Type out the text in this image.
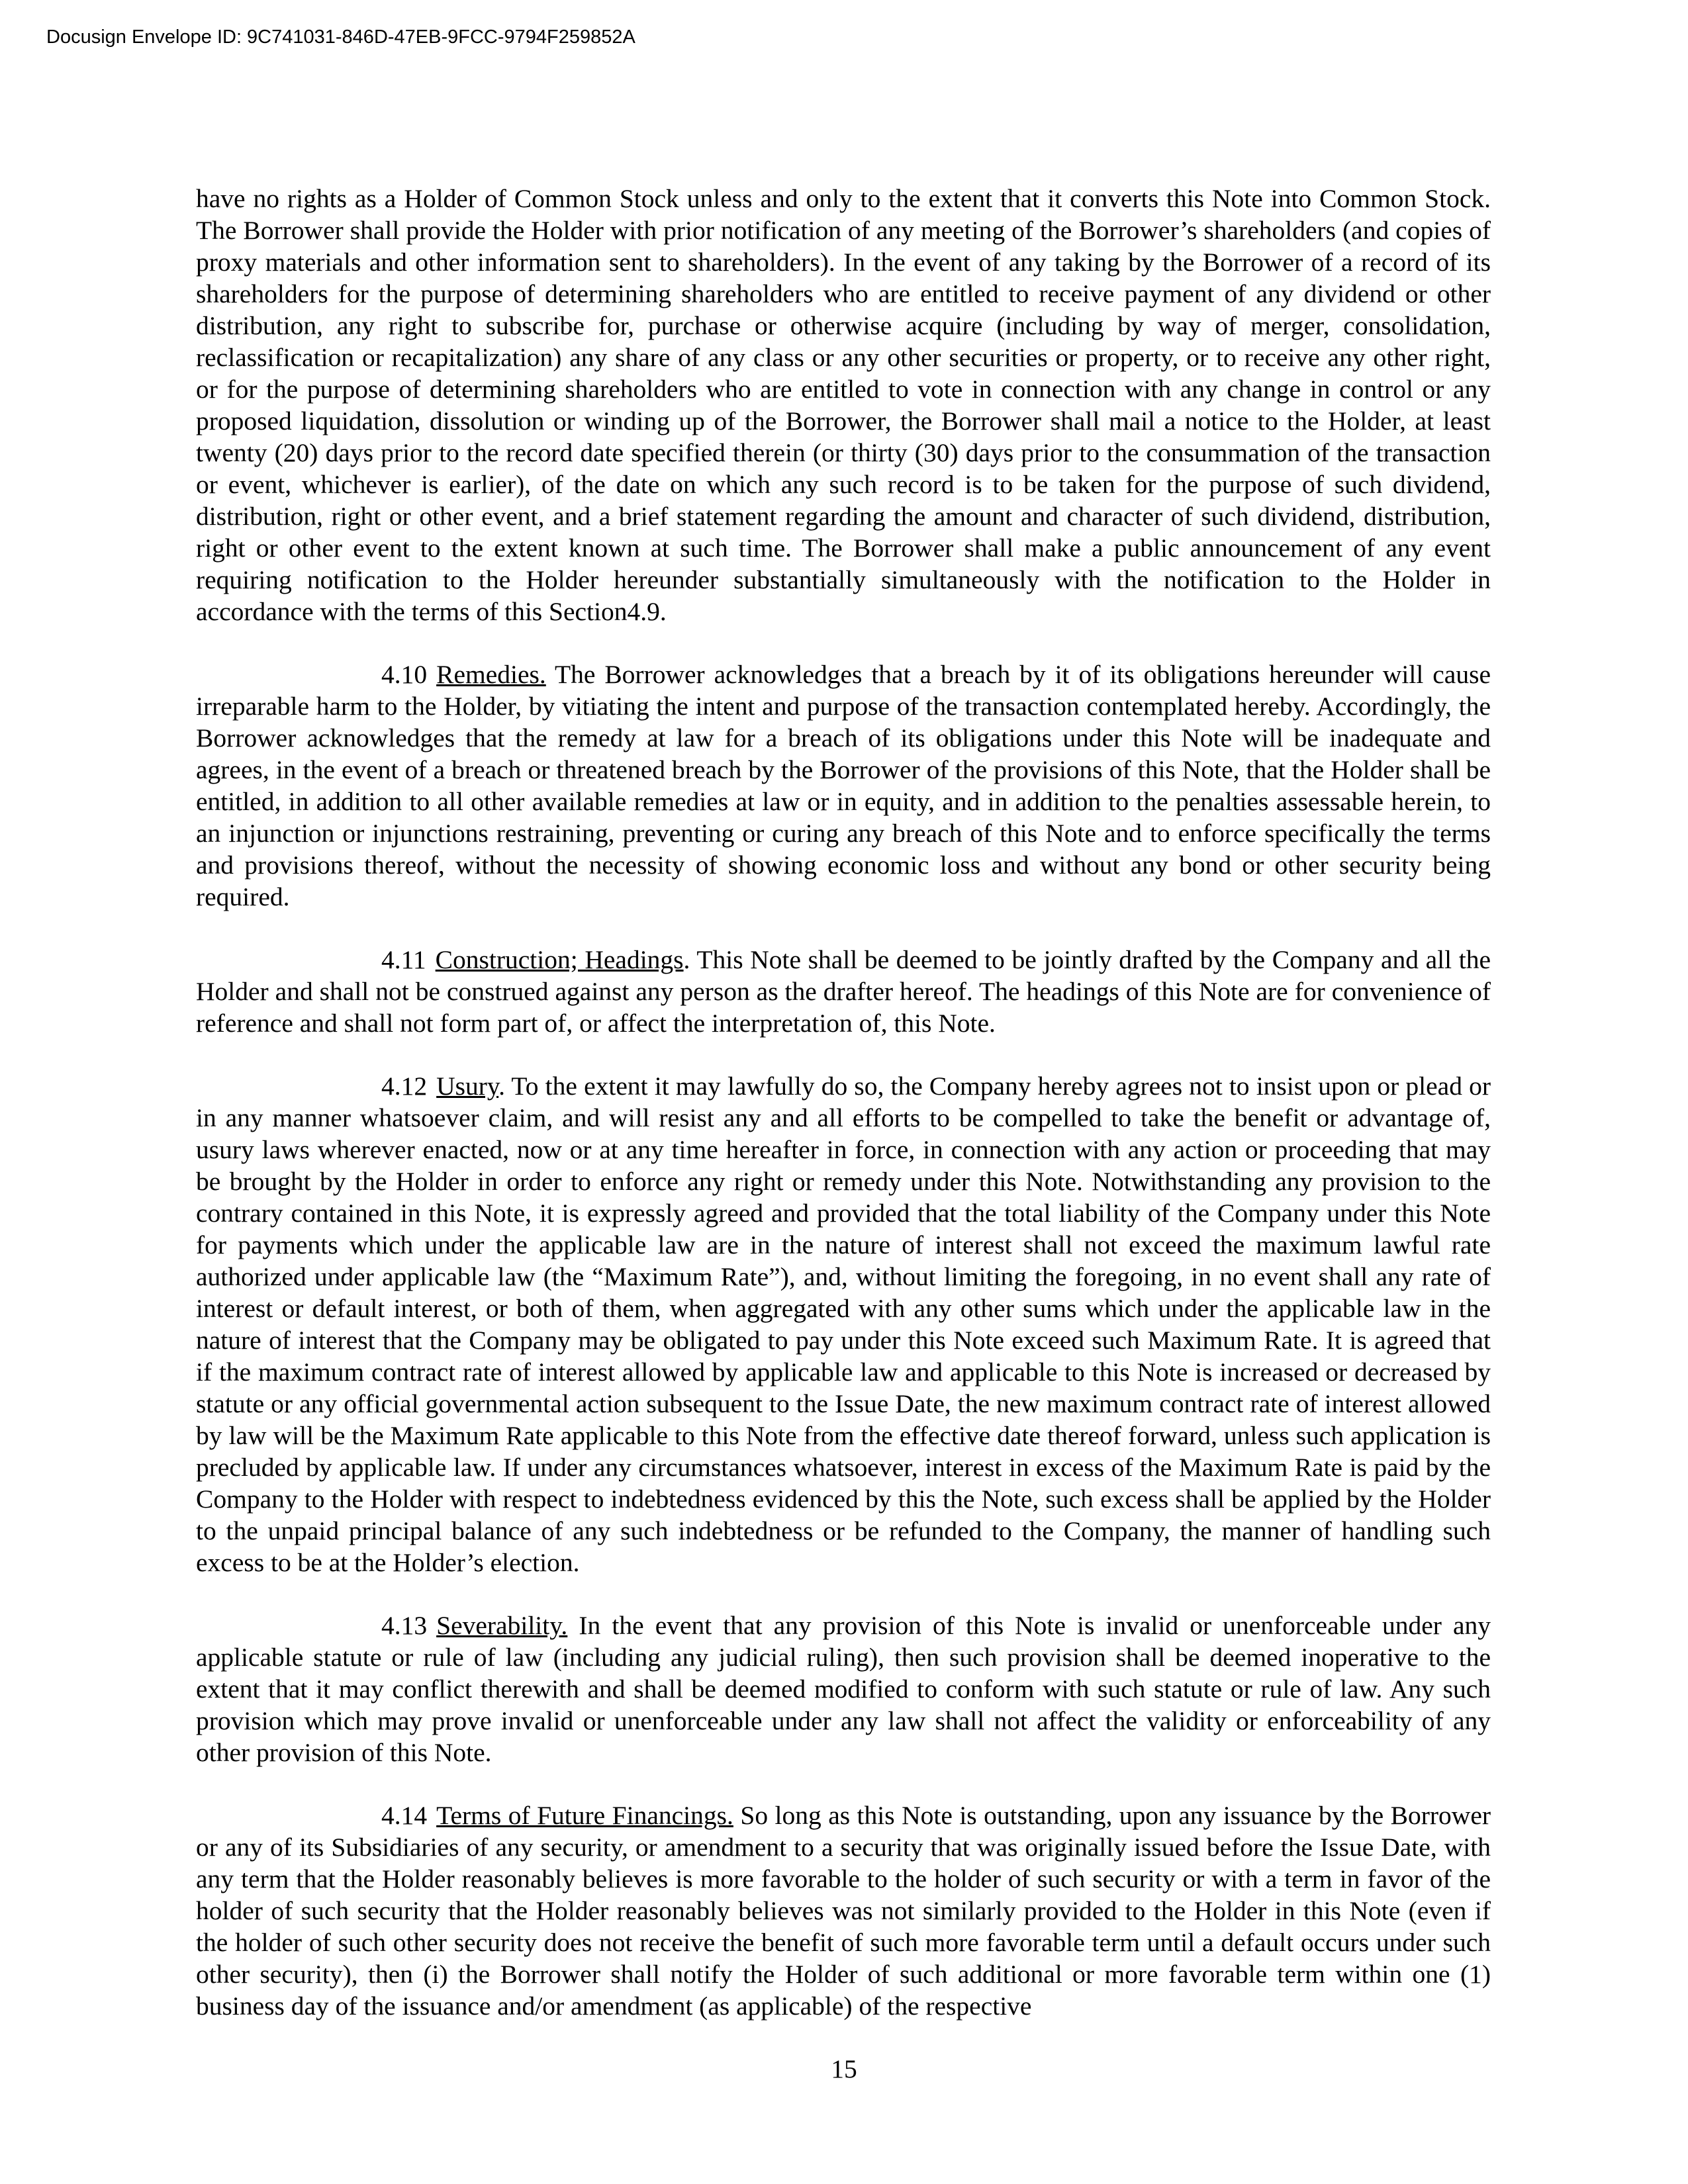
Docusign Envelope ID: 9C741031-846D-47EB-9FCC-9794F259852A

have no rights as a Holder of Common Stock unless and only to the extent that it converts this Note into Common Stock. The Borrower shall provide the Holder with prior notification of any meeting of the Borrower’s shareholders (and copies of proxy materials and other information sent to shareholders). In the event of any taking by the Borrower of a record of its shareholders for the purpose of determining shareholders who are entitled to receive payment of any dividend or other distribution, any right to subscribe for, purchase or otherwise acquire (including by way of merger, consolidation, reclassification or recapitalization) any share of any class or any other securities or property, or to receive any other right, or for the purpose of determining shareholders who are entitled to vote in connection with any change in control or any proposed liquidation, dissolution or winding up of the Borrower, the Borrower shall mail a notice to the Holder, at least twenty (20) days prior to the record date specified therein (or thirty (30) days prior to the consummation of the transaction or event, whichever is earlier), of the date on which any such record is to be taken for the purpose of such dividend, distribution, right or other event, and a brief statement regarding the amount and character of such dividend, distribution, right or other event to the extent known at such time. The Borrower shall make a public announcement of any event requiring notification to the Holder hereunder substantially simultaneously with the notification to the Holder in accordance with the terms of this Section4.9.

4.10 Remedies. The Borrower acknowledges that a breach by it of its obligations hereunder will cause irreparable harm to the Holder, by vitiating the intent and purpose of the transaction contemplated hereby. Accordingly, the Borrower acknowledges that the remedy at law for a breach of its obligations under this Note will be inadequate and agrees, in the event of a breach or threatened breach by the Borrower of the provisions of this Note, that the Holder shall be entitled, in addition to all other available remedies at law or in equity, and in addition to the penalties assessable herein, to an injunction or injunctions restraining, preventing or curing any breach of this Note and to enforce specifically the terms and provisions thereof, without the necessity of showing economic loss and without any bond or other security being required.

4.11 Construction; Headings. This Note shall be deemed to be jointly drafted by the Company and all the Holder and shall not be construed against any person as the drafter hereof. The headings of this Note are for convenience of reference and shall not form part of, or affect the interpretation of, this Note.

4.12 Usury. To the extent it may lawfully do so, the Company hereby agrees not to insist upon or plead or in any manner whatsoever claim, and will resist any and all efforts to be compelled to take the benefit or advantage of, usury laws wherever enacted, now or at any time hereafter in force, in connection with any action or proceeding that may be brought by the Holder in order to enforce any right or remedy under this Note. Notwithstanding any provision to the contrary contained in this Note, it is expressly agreed and provided that the total liability of the Company under this Note for payments which under the applicable law are in the nature of interest shall not exceed the maximum lawful rate authorized under applicable law (the “Maximum Rate”), and, without limiting the foregoing, in no event shall any rate of interest or default interest, or both of them, when aggregated with any other sums which under the applicable law in the nature of interest that the Company may be obligated to pay under this Note exceed such Maximum Rate. It is agreed that if the maximum contract rate of interest allowed by applicable law and applicable to this Note is increased or decreased by statute or any official governmental action subsequent to the Issue Date, the new maximum contract rate of interest allowed by law will be the Maximum Rate applicable to this Note from the effective date thereof forward, unless such application is precluded by applicable law. If under any circumstances whatsoever, interest in excess of the Maximum Rate is paid by the Company to the Holder with respect to indebtedness evidenced by this the Note, such excess shall be applied by the Holder to the unpaid principal balance of any such indebtedness or be refunded to the Company, the manner of handling such excess to be at the Holder’s election.

4.13 Severability. In the event that any provision of this Note is invalid or unenforceable under any applicable statute or rule of law (including any judicial ruling), then such provision shall be deemed inoperative to the extent that it may conflict therewith and shall be deemed modified to conform with such statute or rule of law. Any such provision which may prove invalid or unenforceable under any law shall not affect the validity or enforceability of any other provision of this Note.

4.14 Terms of Future Financings. So long as this Note is outstanding, upon any issuance by the Borrower or any of its Subsidiaries of any security, or amendment to a security that was originally issued before the Issue Date, with any term that the Holder reasonably believes is more favorable to the holder of such security or with a term in favor of the holder of such security that the Holder reasonably believes was not similarly provided to the Holder in this Note (even if the holder of such other security does not receive the benefit of such more favorable term until a default occurs under such other security), then (i) the Borrower shall notify the Holder of such additional or more favorable term within one (1) business day of the issuance and/or amendment (as applicable) of the respective

15
